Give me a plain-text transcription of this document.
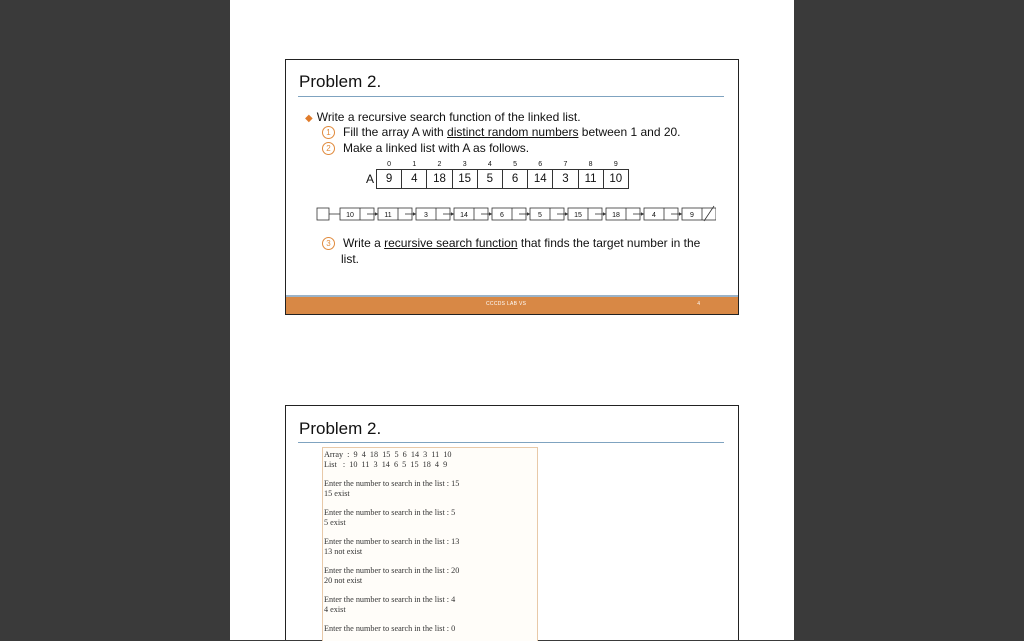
Problem 2.
◆ Write a recursive search function of the linked list.
1 Fill the array A with distinct random numbers between 1 and 20.
2 Make a linked list with A as follows.
A
0	1	2	3	4	5	6	7	8	9
9	4	18	15	5	6	14	3	11	10
10	11	3	14	6	5	15	18	4	9
3 Write a recursive search function that finds the target number in the
list.
CCCDS LAB VS	4
Problem 2.
Array  :  9  4  18  15  5  6  14  3  11  10
List   :  10  11  3  14  6  5  15  18  4  9
Enter the number to search in the list : 15
15 exist
Enter the number to search in the list : 5
5 exist
Enter the number to search in the list : 13
13 not exist
Enter the number to search in the list : 20
20 not exist
Enter the number to search in the list : 4
4 exist
Enter the number to search in the list : 0
